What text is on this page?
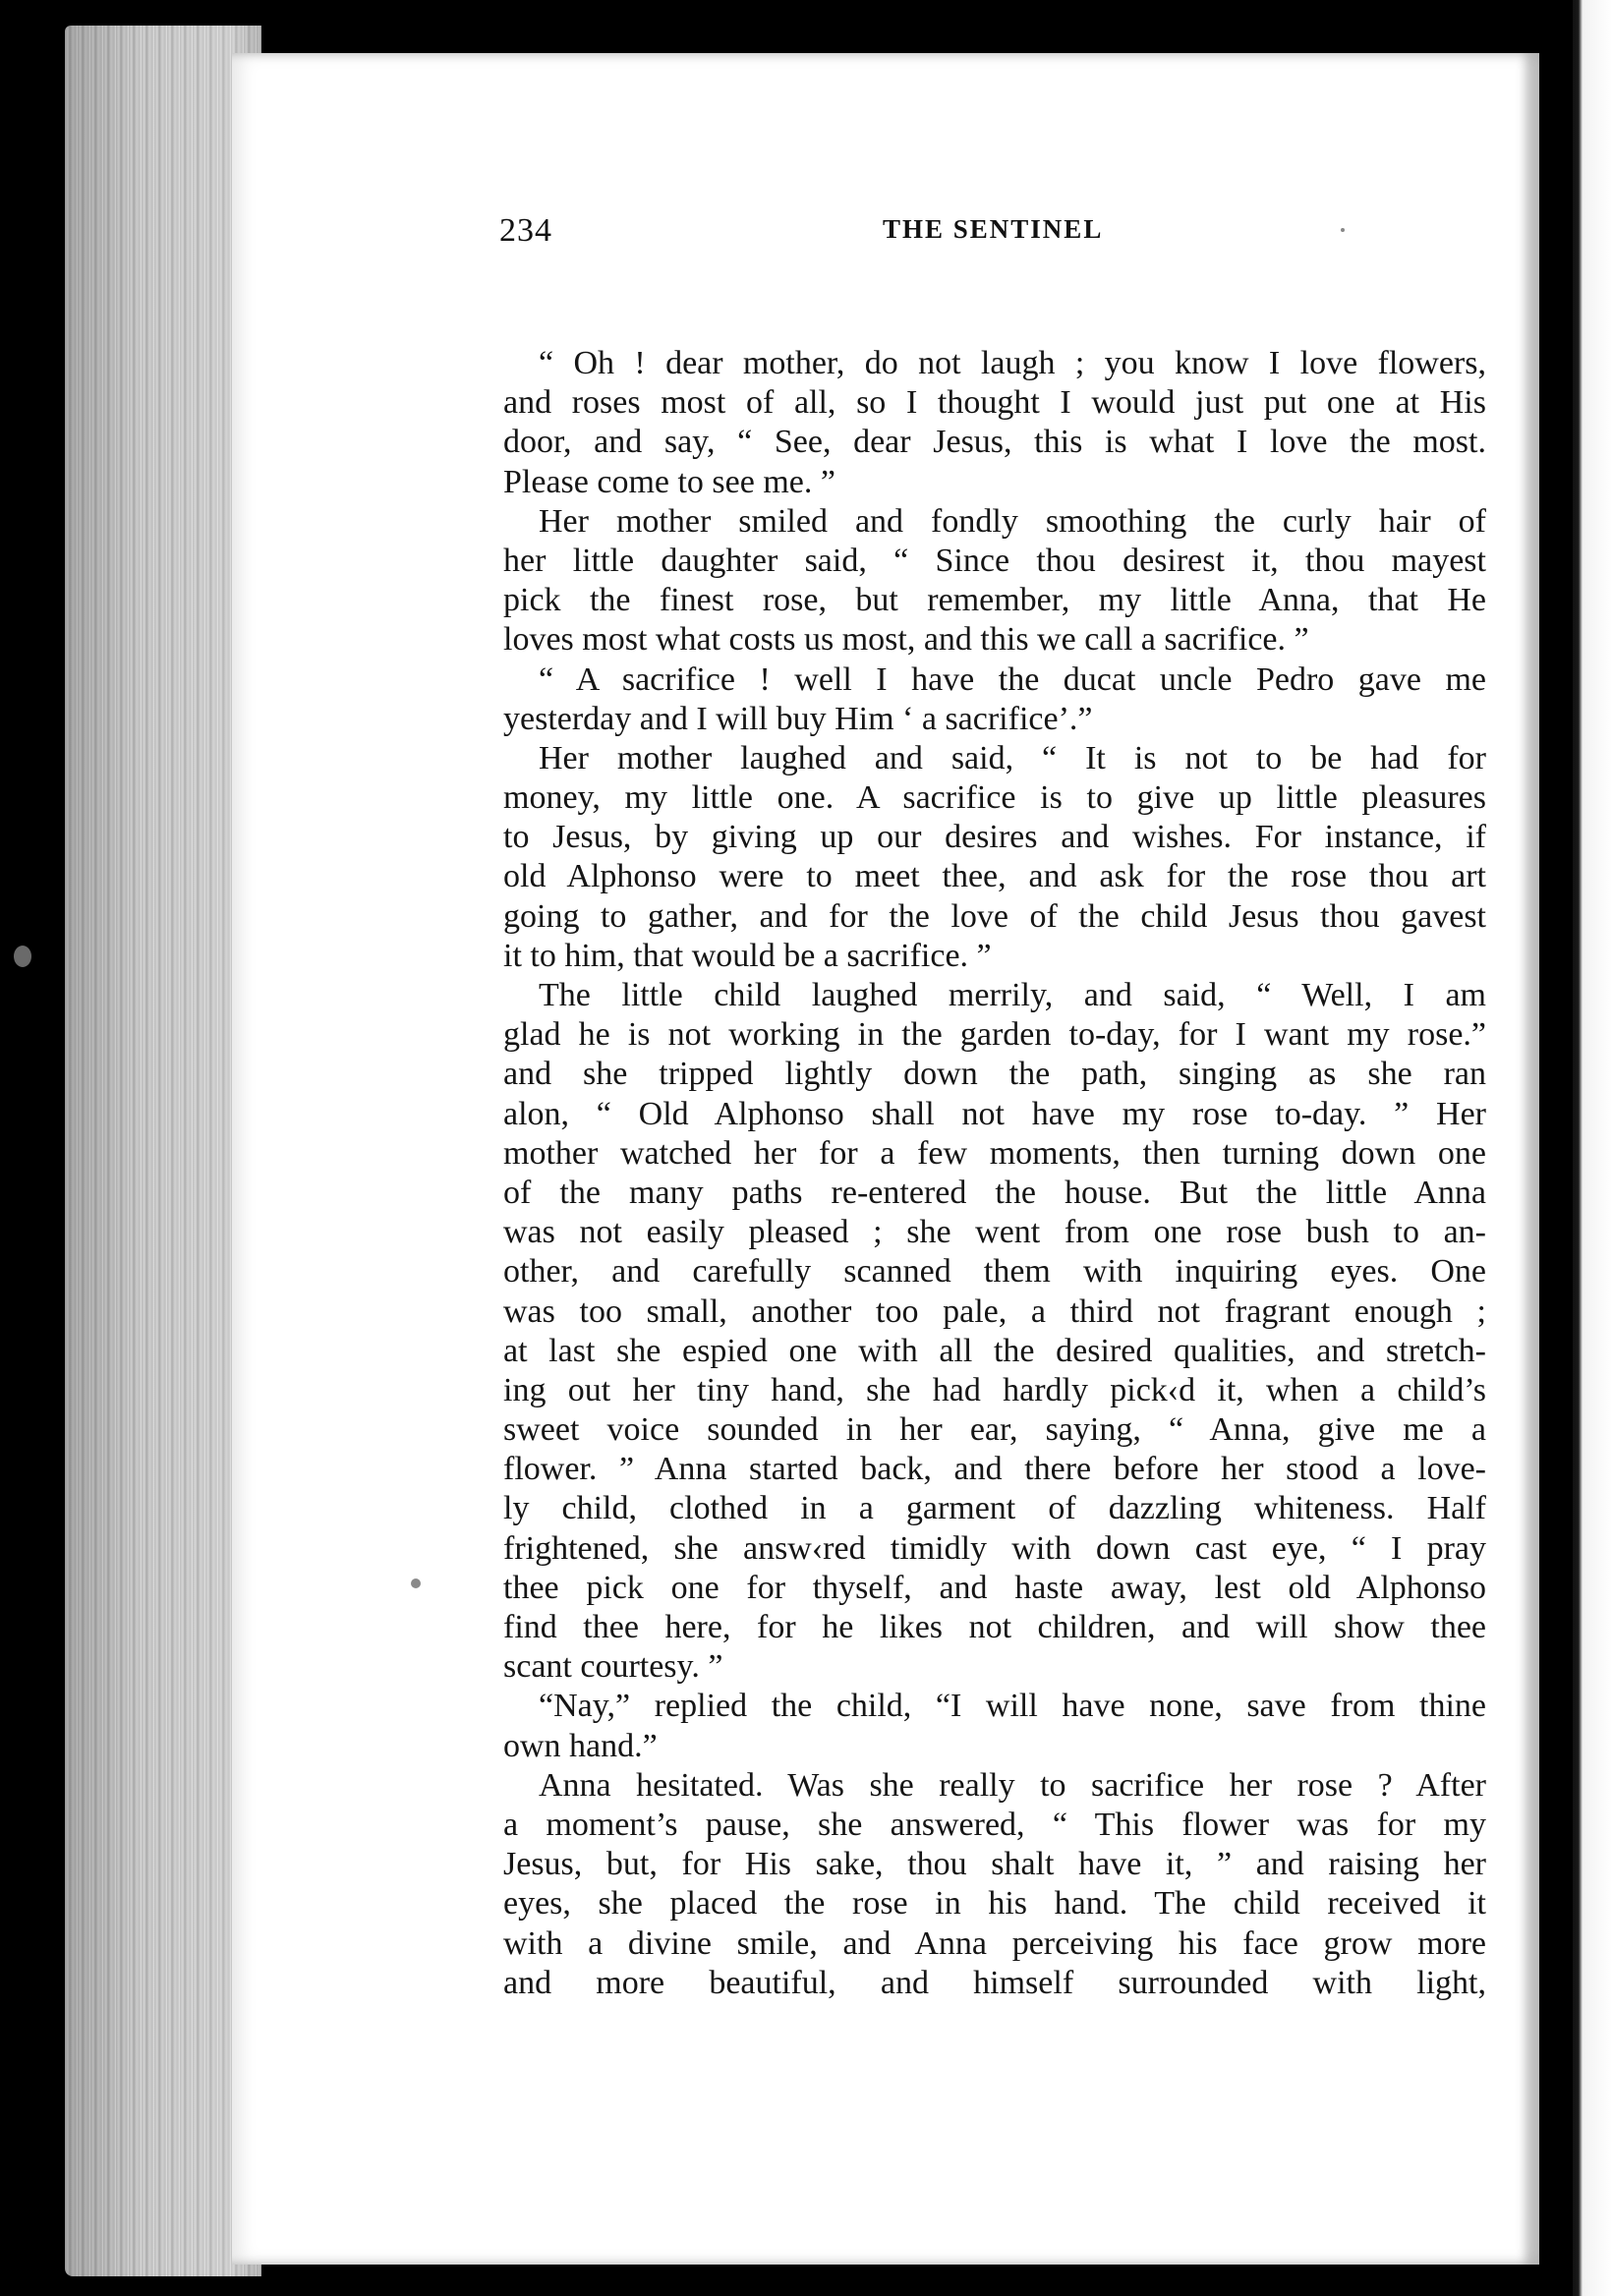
234	THE SENTINEL
“ Oh ! dear mother, do not laugh ; you know I love flowers,
and roses most of all, so I thought I would just put one at His
door, and say, “ See, dear Jesus, this is what I love the most.
Please come to see me. ”
Her mother smiled and fondly smoothing the curly hair of
her little daughter said, “ Since thou desirest it, thou mayest
pick the finest rose, but remember, my little Anna, that He
loves most what costs us most, and this we call a sacrifice. ”
“ A sacrifice ! well I have the ducat uncle Pedro gave me
yesterday and I will buy Him ‘ a sacrifice’.”
Her mother laughed and said, “ It is not to be had for
money, my little one. A sacrifice is to give up little pleasures
to Jesus, by giving up our desires and wishes. For instance, if
old Alphonso were to meet thee, and ask for the rose thou art
going to gather, and for the love of the child Jesus thou gavest
it to him, that would be a sacrifice. ”
The little child laughed merrily, and said, “ Well, I am
glad he is not working in the garden to-day, for I want my rose.”
and she tripped lightly down the path, singing as she ran
alon, “ Old Alphonso shall not have my rose to-day. ” Her
mother watched her for a few moments, then turning down one
of the many paths re-entered the house. But the little Anna
was not easily pleased ; she went from one rose bush to an-
other, and carefully scanned them with inquiring eyes. One
was too small, another too pale, a third not fragrant enough ;
at last she espied one with all the desired qualities, and stretch-
ing out her tiny hand, she had hardly pick‹d it, when a child’s
sweet voice sounded in her ear, saying, “ Anna, give me a
flower. ” Anna started back, and there before her stood a love-
ly child, clothed in a garment of dazzling whiteness. Half
frightened, she answ‹red timidly with down cast eye, “ I pray
thee pick one for thyself, and haste away, lest old Alphonso
find thee here, for he likes not children, and will show thee
scant courtesy. ”
“Nay,” replied the child, “I will have none, save from thine
own hand.”
Anna hesitated. Was she really to sacrifice her rose ? After
a moment’s pause, she answered, “ This flower was for my
Jesus, but, for His sake, thou shalt have it, ” and raising her
eyes, she placed the rose in his hand. The child received it
with a divine smile, and Anna perceiving his face grow more
and more beautiful, and himself surrounded with light,
